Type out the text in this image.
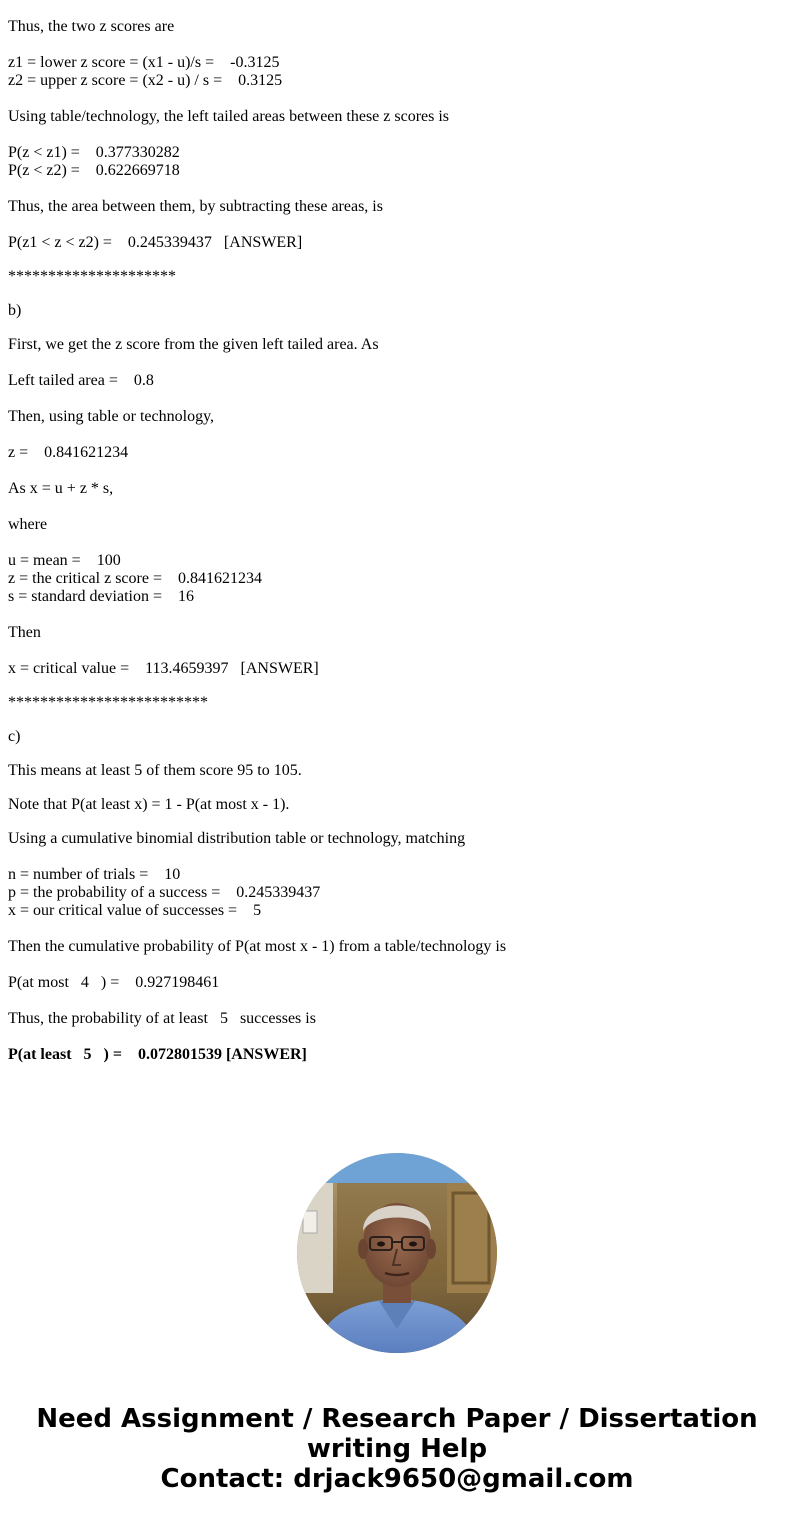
Thus, the two z scores are
z1 = lower z score = (x1 - u)/s =    -0.3125
z2 = upper z score = (x2 - u) / s =    0.3125
Using table/technology, the left tailed areas between these z scores is
P(z < z1) =    0.377330282
P(z < z2) =    0.622669718
Thus, the area between them, by subtracting these areas, is
P(z1 < z < z2) =    0.245339437   [ANSWER]
*********************
b)
First, we get the z score from the given left tailed area. As
Left tailed area =    0.8
Then, using table or technology,
z =    0.841621234
As x = u + z * s,
where
u = mean =    100
z = the critical z score =    0.841621234
s = standard deviation =    16
Then
x = critical value =    113.4659397   [ANSWER]
*************************
c)
This means at least 5 of them score 95 to 105.
Note that P(at least x) = 1 - P(at most x - 1).
Using a cumulative binomial distribution table or technology, matching
n = number of trials =    10
p = the probability of a success =    0.245339437
x = our critical value of successes =    5
Then the cumulative probability of P(at most x - 1) from a table/technology is
P(at most   4   ) =    0.927198461
Thus, the probability of at least   5   successes is
P(at least   5   ) =    0.072801539 [ANSWER]
Need Assignment / Research Paper / Dissertation
writing Help
Contact: drjack9650@gmail.com
